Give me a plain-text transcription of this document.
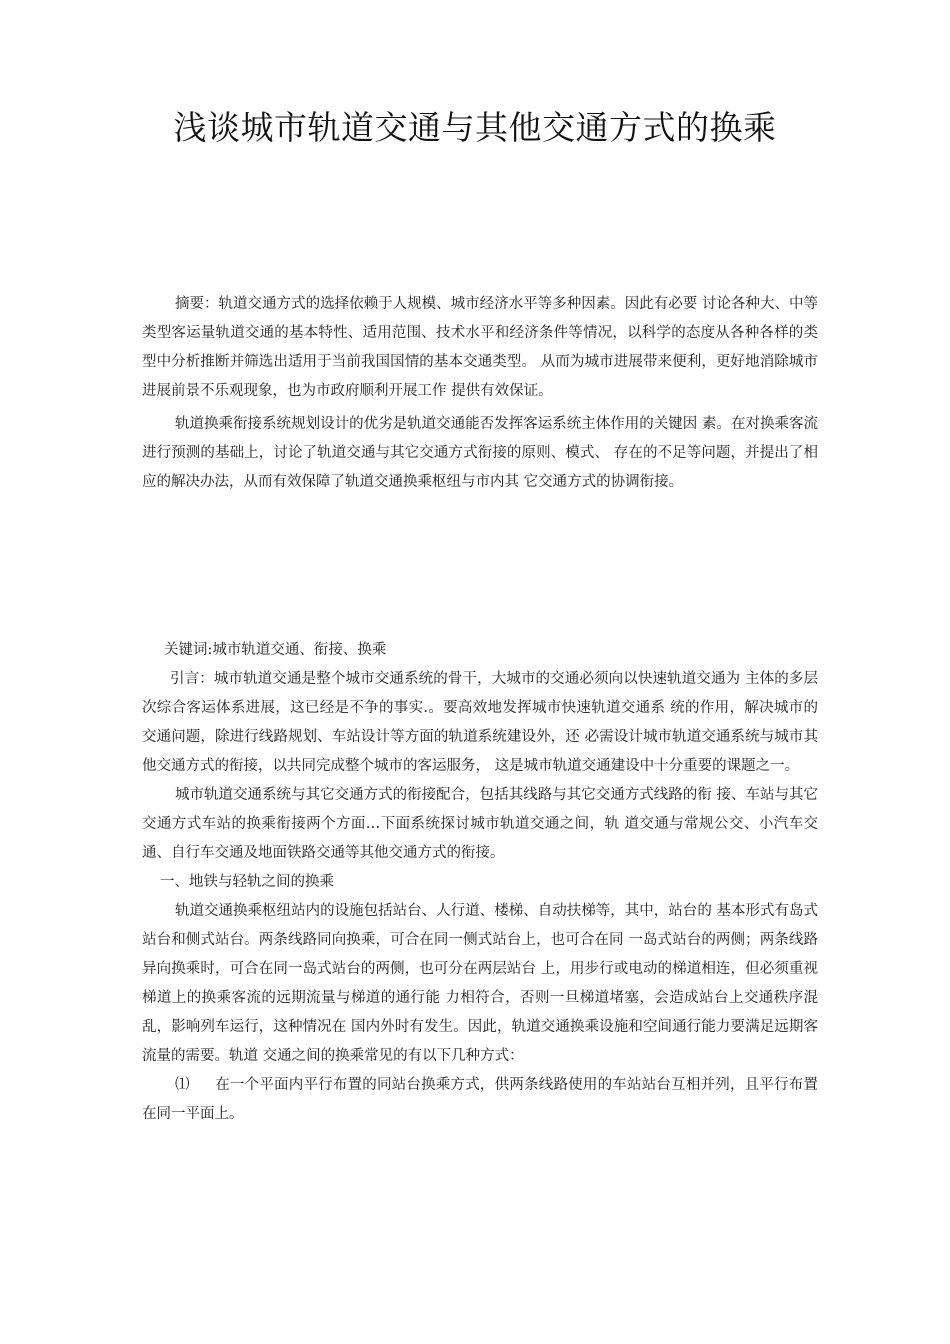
浅谈城市轨道交通与其他交通方式的换乘

摘要：轨道交通方式的选择依赖于人规模、城市经济水平等多种因素。因此有必要 讨论各种大、中等类型客运量轨道交通的基本特性、适用范围、技术水平和经济条件等情况，以科学的态度从各种各样的类型中分析推断并筛选出适用于当前我国国情的基本交通类型。 从而为城市进展带来便利，更好地消除城市进展前景不乐观现象，也为市政府顺利开展工作 提供有效保证。

轨道换乘衔接系统规划设计的优劣是轨道交通能否发挥客运系统主体作用的关键因 素。在对换乘客流进行预测的基础上，讨论了轨道交通与其它交通方式衔接的原则、模式、 存在的不足等问题，并提出了相应的解决办法，从而有效保障了轨道交通换乘枢纽与市内其 它交通方式的协调衔接。

关键词:城市轨道交通、衔接、换乘

引言：城市轨道交通是整个城市交通系统的骨干，大城市的交通必须向以快速轨道交通为 主体的多层次综合客运体系进展，这已经是不争的事实.。要高效地发挥城市快速轨道交通系 统的作用，解决城市的交通问题，除进行线路规划、车站设计等方面的轨道系统建设外，还 必需设计城市轨道交通系统与城市其他交通方式的衔接，以共同完成整个城市的客运服务， 这是城市轨道交通建设中十分重要的课题之一。

城市轨道交通系统与其它交通方式的衔接配合，包括其线路与其它交通方式线路的衔 接、车站与其它交通方式车站的换乘衔接两个方面…下面系统探讨城市轨道交通之间，轨 道交通与常规公交、小汽车交通、自行车交通及地面铁路交通等其他交通方式的衔接。

一、地铁与轻轨之间的换乘

轨道交通换乘枢纽站内的设施包括站台、人行道、楼梯、自动扶梯等，其中，站台的 基本形式有岛式站台和侧式站台。两条线路同向换乘，可合在同一侧式站台上，也可合在同 一岛式站台的两侧；两条线路异向换乘时，可合在同一岛式站台的两侧，也可分在两层站台 上，用步行或电动的梯道相连，但必须重视梯道上的换乘客流的远期流量与梯道的通行能 力相符合，否则一旦梯道堵塞，会造成站台上交通秩序混乱，影响列车运行，这种情况在 国内外时有发生。因此，轨道交通换乘设施和空间通行能力要满足远期客流量的需要。轨道 交通之间的换乘常见的有以下几种方式：

⑴ 在一个平面内平行布置的同站台换乘方式，供两条线路使用的车站站台互相并列，且平行布置在同一平面上。
